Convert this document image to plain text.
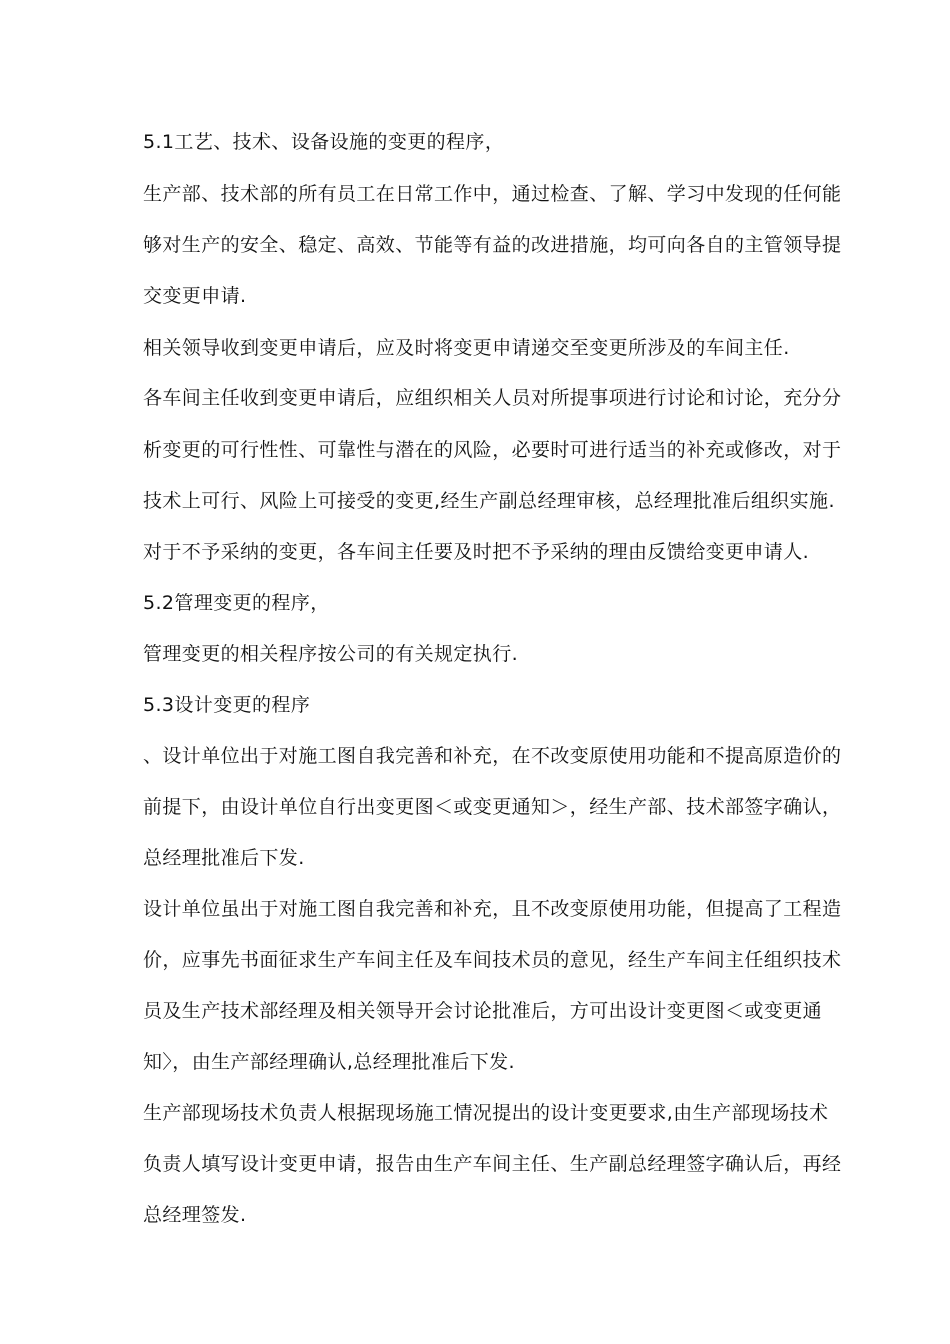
5.1工艺、技术、设备设施的变更的程序，
生产部、技术部的所有员工在日常工作中，通过检查、了解、学习中发现的任何能
够对生产的安全、稳定、高效、节能等有益的改进措施，均可向各自的主管领导提
交变更申请.
相关领导收到变更申请后，应及时将变更申请递交至变更所涉及的车间主任.
各车间主任收到变更申请后，应组织相关人员对所提事项进行讨论和讨论，充分分
析变更的可行性性、可靠性与潜在的风险，必要时可进行适当的补充或修改，对于
技术上可行、风险上可接受的变更,经生产副总经理审核，总经理批准后组织实施.
对于不予采纳的变更，各车间主任要及时把不予采纳的理由反馈给变更申请人.
5.2管理变更的程序，
管理变更的相关程序按公司的有关规定执行.
5.3设计变更的程序
、设计单位出于对施工图自我完善和补充，在不改变原使用功能和不提高原造价的
前提下，由设计单位自行出变更图＜或变更通知＞，经生产部、技术部签字确认，
总经理批准后下发.
设计单位虽出于对施工图自我完善和补充，且不改变原使用功能，但提高了工程造
价，应事先书面征求生产车间主任及车间技术员的意见，经生产车间主任组织技术
员及生产技术部经理及相关领导开会讨论批准后，方可出设计变更图＜或变更通
知〉，由生产部经理确认,总经理批准后下发.
生产部现场技术负责人根据现场施工情况提出的设计变更要求,由生产部现场技术
负责人填写设计变更申请，报告由生产车间主任、生产副总经理签字确认后，再经
总经理签发.
